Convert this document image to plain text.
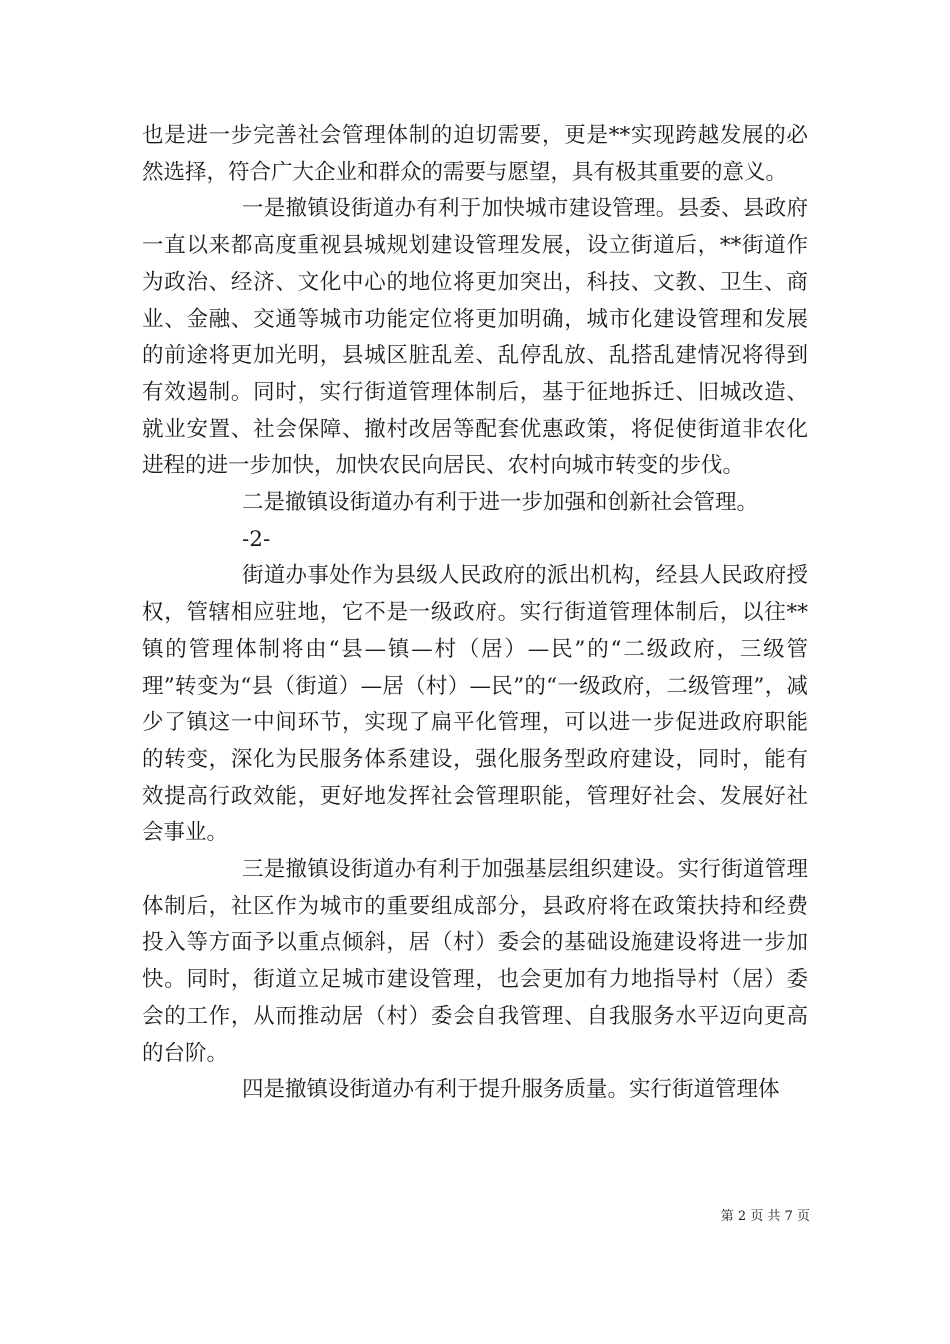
也是进一步完善社会管理体制的迫切需要，更是**实现跨越发展的必然选择，符合广大企业和群众的需要与愿望，具有极其重要的意义。

一是撤镇设街道办有利于加快城市建设管理。县委、县政府一直以来都高度重视县城规划建设管理发展，设立街道后，**街道作为政治、经济、文化中心的地位将更加突出，科技、文教、卫生、商业、金融、交通等城市功能定位将更加明确，城市化建设管理和发展的前途将更加光明，县城区脏乱差、乱停乱放、乱搭乱建情况将得到有效遏制。同时，实行街道管理体制后，基于征地拆迁、旧城改造、就业安置、社会保障、撤村改居等配套优惠政策，将促使街道非农化进程的进一步加快，加快农民向居民、农村向城市转变的步伐。

二是撤镇设街道办有利于进一步加强和创新社会管理。

-2-

街道办事处作为县级人民政府的派出机构，经县人民政府授权，管辖相应驻地，它不是一级政府。实行街道管理体制后，以往**镇的管理体制将由“县—镇—村（居）—民”的“二级政府，三级管理”转变为“县（街道）—居（村）—民”的“一级政府，二级管理”，减少了镇这一中间环节，实现了扁平化管理，可以进一步促进政府职能的转变，深化为民服务体系建设，强化服务型政府建设，同时，能有效提高行政效能，更好地发挥社会管理职能，管理好社会、发展好社会事业。

三是撤镇设街道办有利于加强基层组织建设。实行街道管理体制后，社区作为城市的重要组成部分，县政府将在政策扶持和经费投入等方面予以重点倾斜，居（村）委会的基础设施建设将进一步加快。同时，街道立足城市建设管理，也会更加有力地指导村（居）委会的工作，从而推动居（村）委会自我管理、自我服务水平迈向更高的台阶。

四是撤镇设街道办有利于提升服务质量。实行街道管理体

第 2 页 共 7 页
